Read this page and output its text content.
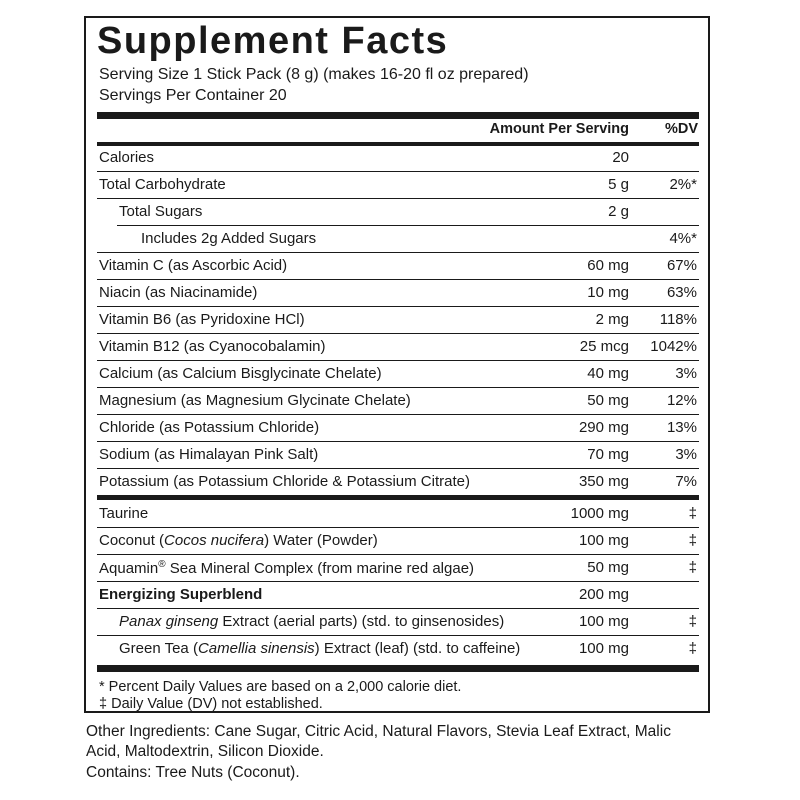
Supplement Facts
Serving Size 1 Stick Pack (8 g) (makes 16-20 fl oz prepared)
Servings Per Container 20
Amount Per Serving %DV
Calories	20
Total Carbohydrate	5 g	2%*
Total Sugars	2 g
Includes 2g Added Sugars	4%*
Vitamin C (as Ascorbic Acid)	60 mg	67%
Niacin (as Niacinamide)	10 mg	63%
Vitamin B6 (as Pyridoxine HCl)	2 mg 118%
Vitamin B12 (as Cyanocobalamin)	25 mcg 1042%
Calcium (as Calcium Bisglycinate Chelate)	40 mg	3%
Magnesium (as Magnesium Glycinate Chelate)	50 mg	12%
Chloride (as Potassium Chloride)	290 mg	13%
Sodium (as Himalayan Pink Salt)	70 mg	3%
Potassium (as Potassium Chloride & Potassium Citrate)	350 mg	7%
Taurine	1000 mg	‡
Coconut (Cocos nucifera) Water (Powder)	100 mg	‡
Aquamin® Sea Mineral Complex (from marine red algae)	50 mg	‡
Energizing Superblend	200 mg
Panax ginseng Extract (aerial parts) (std. to ginsenosides)	100 mg	‡
Green Tea (Camellia sinensis) Extract (leaf) (std. to caffeine)	100 mg	‡
* Percent Daily Values are based on a 2,000 calorie diet.
‡ Daily Value (DV) not established.
Other Ingredients: Cane Sugar, Citric Acid, Natural Flavors, Stevia Leaf Extract, Malic Acid, Maltodextrin, Silicon Dioxide.
Contains: Tree Nuts (Coconut).
